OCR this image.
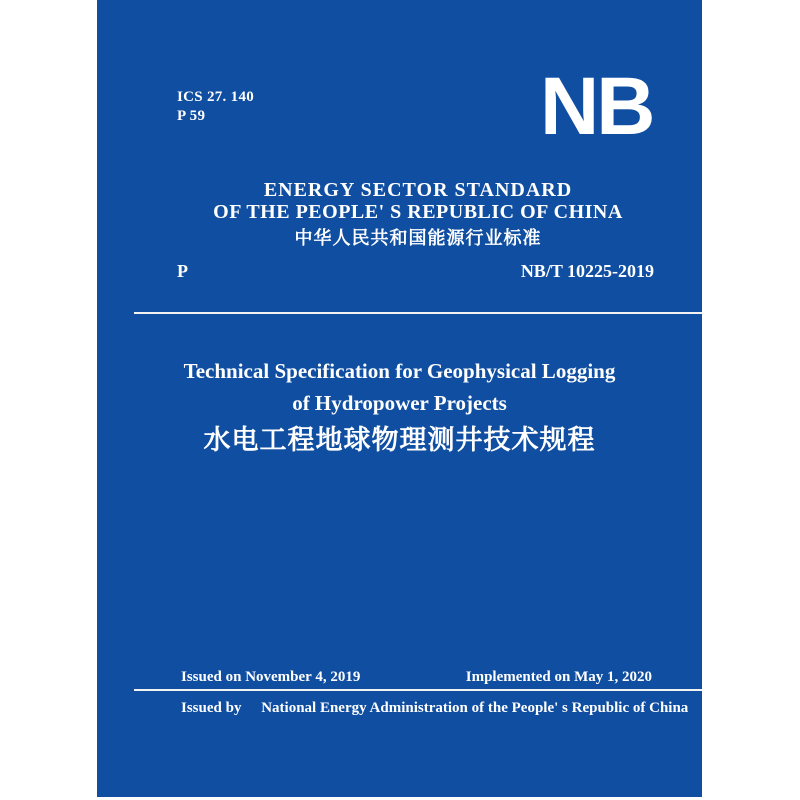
ICS 27. 140
P 59	NB
ENERGY SECTOR STANDARD
OF THE PEOPLE' S REPUBLIC OF CHINA
中华人民共和国能源行业标准
P	NB/T 10225-2019
Technical Specification for Geophysical Logging
of Hydropower Projects
水电工程地球物理测井技术规程
Issued on November 4, 2019	Implemented on May 1, 2020
Issued by National Energy Administration of the People' s Republic of China
